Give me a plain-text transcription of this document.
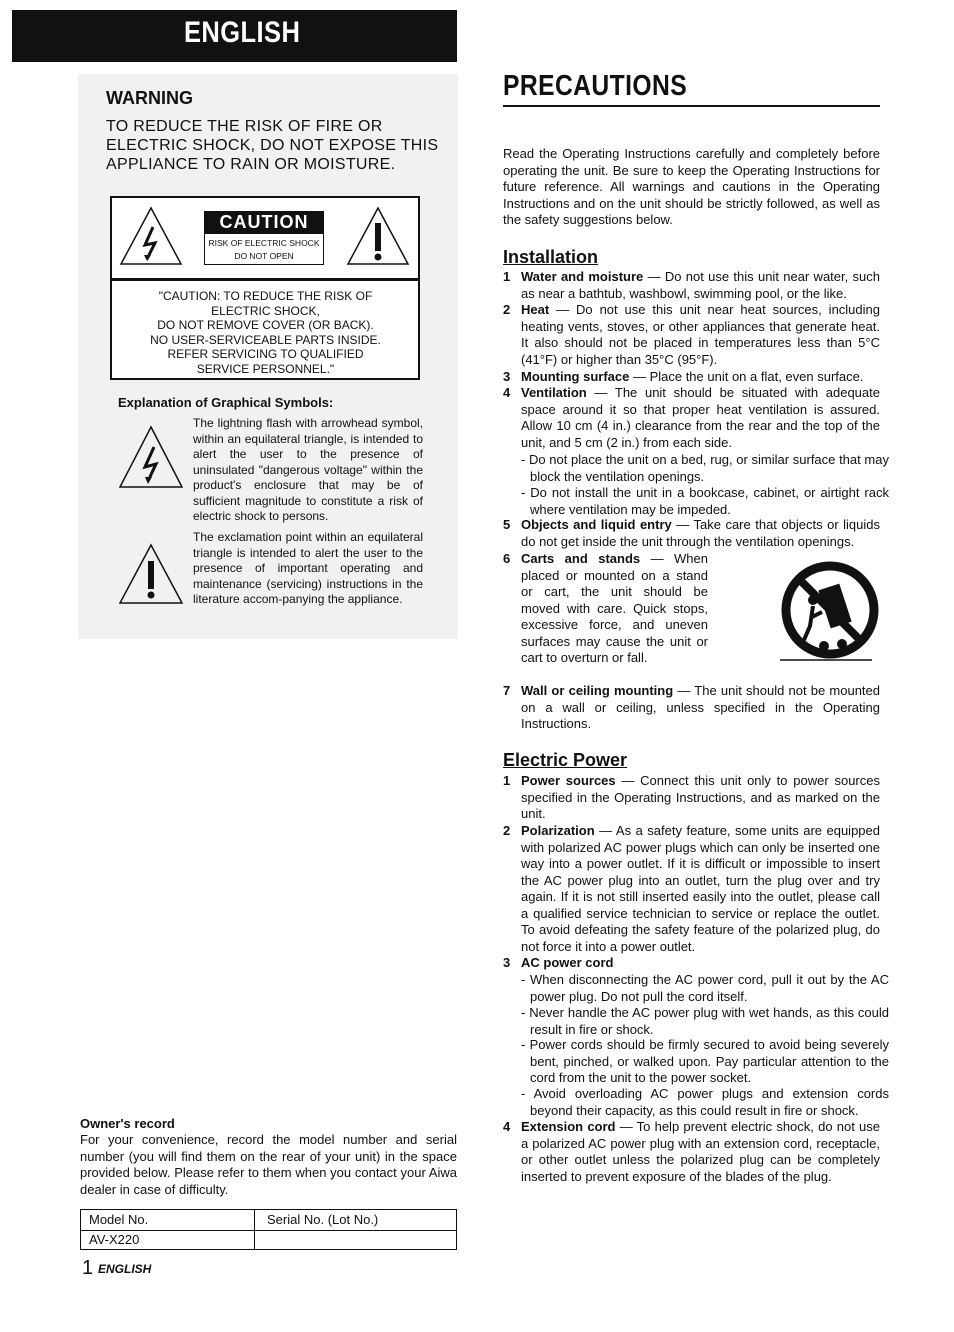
ENGLISH
WARNING
TO REDUCE THE RISK OF FIRE OR ELECTRIC SHOCK, DO NOT EXPOSE THIS APPLIANCE TO RAIN OR MOISTURE.
CAUTION
RISK OF ELECTRIC SHOCK
DO NOT OPEN
"CAUTION: TO REDUCE THE RISK OF
ELECTRIC SHOCK,
DO NOT REMOVE COVER (OR BACK).
NO USER-SERVICEABLE PARTS INSIDE.
REFER SERVICING TO QUALIFIED
SERVICE PERSONNEL."
Explanation of Graphical Symbols:
The lightning flash with arrowhead symbol, within an equilateral triangle, is intended to alert the user to the presence of uninsulated "dangerous voltage" within the product's enclosure that may be of sufficient magnitude to constitute a risk of electric shock to persons.
The exclamation point within an equilateral triangle is intended to alert the user to the presence of important operating and maintenance (servicing) instructions in the literature accom-panying the appliance.
Owner's record
For your convenience, record the model number and serial number (you will find them on the rear of your unit) in the space provided below. Please refer to them when you contact your Aiwa dealer in case of difficulty.
Model No.	Serial No. (Lot No.)
AV-X220
1 ENGLISH
PRECAUTIONS
Read the Operating Instructions carefully and completely before operating the unit. Be sure to keep the Operating Instructions for future reference. All warnings and cautions in the Operating Instructions and on the unit should be strictly followed, as well as the safety suggestions below.
Installation
1 Water and moisture — Do not use this unit near water, such as near a bathtub, washbowl, swimming pool, or the like.
2 Heat — Do not use this unit near heat sources, including heating vents, stoves, or other appliances that generate heat. It also should not be placed in temperatures less than 5°C (41°F) or higher than 35°C (95°F).
3 Mounting surface — Place the unit on a flat, even surface.
4 Ventilation — The unit should be situated with adequate space around it so that proper heat ventilation is assured. Allow 10 cm (4 in.) clearance from the rear and the top of the unit, and 5 cm (2 in.) from each side.
- Do not place the unit on a bed, rug, or similar surface that may block the ventilation openings.
- Do not install the unit in a bookcase, cabinet, or airtight rack where ventilation may be impeded.
5 Objects and liquid entry — Take care that objects or liquids do not get inside the unit through the ventilation openings.
6 Carts and stands — When placed or mounted on a stand or cart, the unit should be moved with care. Quick stops, excessive force, and uneven surfaces may cause the unit or cart to overturn or fall.
7 Wall or ceiling mounting — The unit should not be mounted on a wall or ceiling, unless specified in the Operating Instructions.
Electric Power
1 Power sources — Connect this unit only to power sources specified in the Operating Instructions, and as marked on the unit.
2 Polarization — As a safety feature, some units are equipped with polarized AC power plugs which can only be inserted one way into a power outlet. If it is difficult or impossible to insert the AC power plug into an outlet, turn the plug over and try again. If it is not still inserted easily into the outlet, please call a qualified service technician to service or replace the outlet. To avoid defeating the safety feature of the polarized plug, do not force it into a power outlet.
3 AC power cord
- When disconnecting the AC power cord, pull it out by the AC power plug. Do not pull the cord itself.
- Never handle the AC power plug with wet hands, as this could result in fire or shock.
- Power cords should be firmly secured to avoid being severely bent, pinched, or walked upon. Pay particular attention to the cord from the unit to the power socket.
- Avoid overloading AC power plugs and extension cords beyond their capacity, as this could result in fire or shock.
4 Extension cord — To help prevent electric shock, do not use a polarized AC power plug with an extension cord, receptacle, or other outlet unless the polarized plug can be completely inserted to prevent exposure of the blades of the plug.
